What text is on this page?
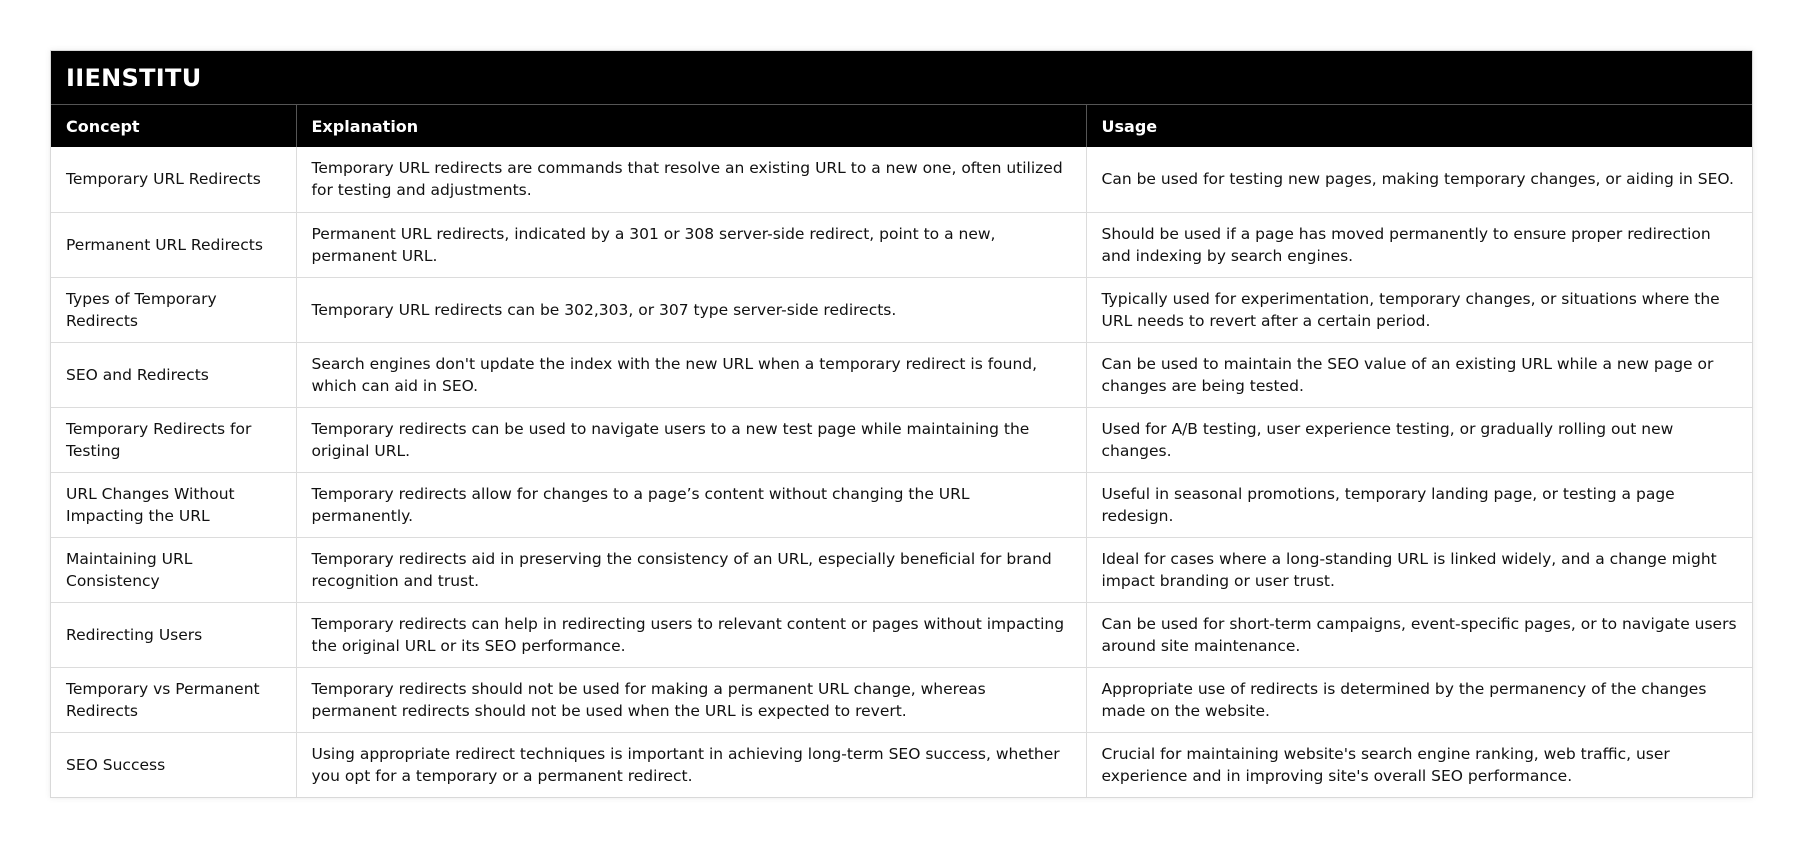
IIENSTITU
Concept	Explanation	Usage
Temporary URL Redirects	Temporary URL redirects are commands that resolve an existing URL to a new one, often utilized for testing and adjustments.	Can be used for testing new pages, making temporary changes, or aiding in SEO.
Permanent URL Redirects	Permanent URL redirects, indicated by a 301 or 308 server-side redirect, point to a new, permanent URL.	Should be used if a page has moved permanently to ensure proper redirection and indexing by search engines.
Types of Temporary Redirects	Temporary URL redirects can be 302,303, or 307 type server-side redirects.	Typically used for experimentation, temporary changes, or situations where the URL needs to revert after a certain period.
SEO and Redirects	Search engines don't update the index with the new URL when a temporary redirect is found, which can aid in SEO.	Can be used to maintain the SEO value of an existing URL while a new page or changes are being tested.
Temporary Redirects for Testing	Temporary redirects can be used to navigate users to a new test page while maintaining the original URL.	Used for A/B testing, user experience testing, or gradually rolling out new changes.
URL Changes Without Impacting the URL	Temporary redirects allow for changes to a page’s content without changing the URL permanently.	Useful in seasonal promotions, temporary landing page, or testing a page redesign.
Maintaining URL Consistency	Temporary redirects aid in preserving the consistency of an URL, especially beneficial for brand recognition and trust.	Ideal for cases where a long-standing URL is linked widely, and a change might impact branding or user trust.
Redirecting Users	Temporary redirects can help in redirecting users to relevant content or pages without impacting the original URL or its SEO performance.	Can be used for short-term campaigns, event-specific pages, or to navigate users around site maintenance.
Temporary vs Permanent Redirects	Temporary redirects should not be used for making a permanent URL change, whereas permanent redirects should not be used when the URL is expected to revert.	Appropriate use of redirects is determined by the permanency of the changes made on the website.
SEO Success	Using appropriate redirect techniques is important in achieving long-term SEO success, whether you opt for a temporary or a permanent redirect.	Crucial for maintaining website's search engine ranking, web traffic, user experience and in improving site's overall SEO performance.
